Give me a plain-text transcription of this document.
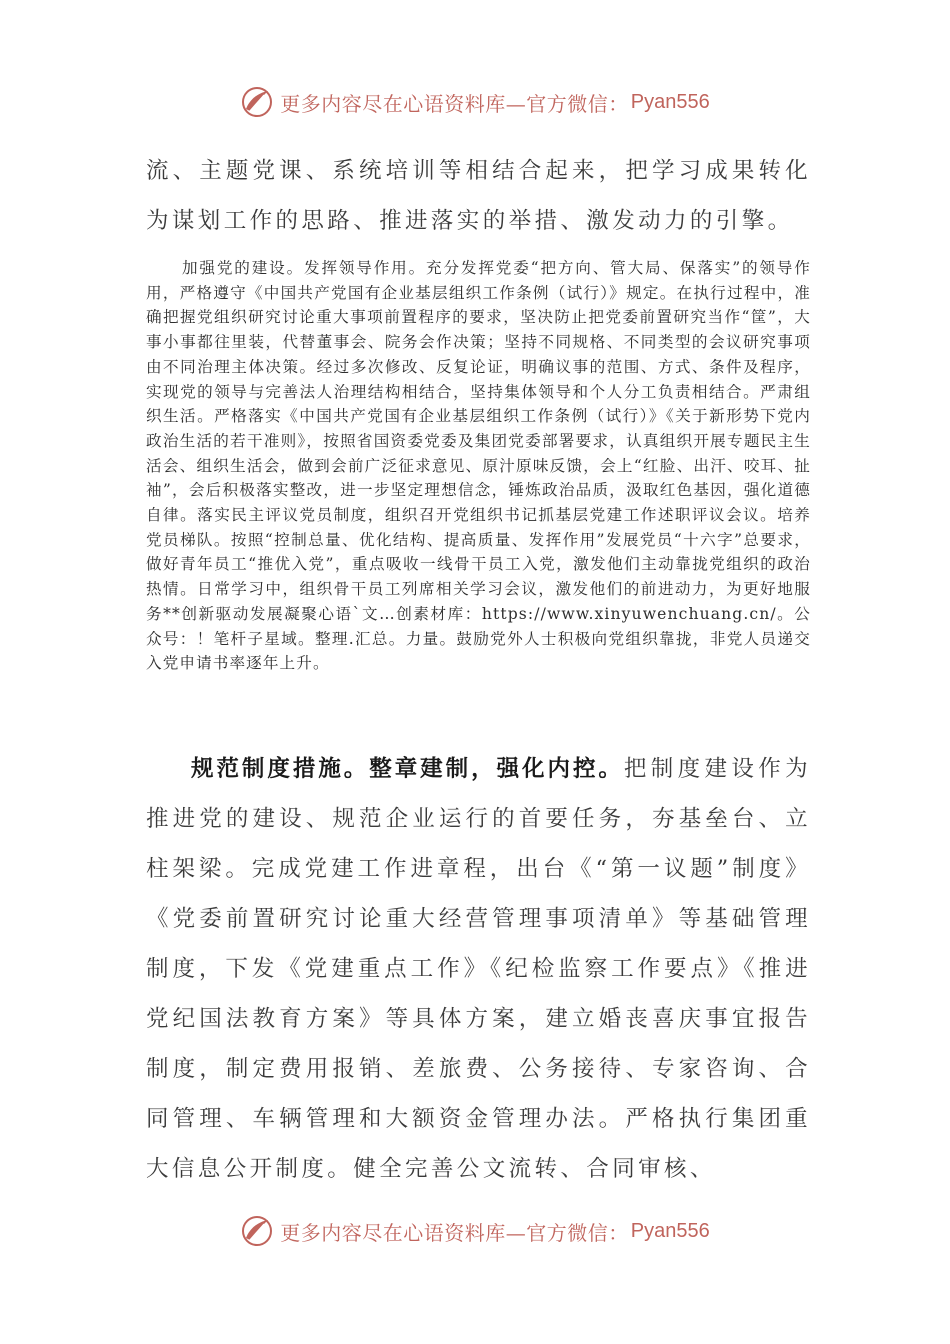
更多内容尽在心语资料库—官方微信： Pyan556

流、主题党课、系统培训等相结合起来，把学习成果转化为谋划工作的思路、推进落实的举措、激发动力的引擎。

加强党的建设。发挥领导作用。充分发挥党委“把方向、管大局、保落实”的领导作用，严格遵守《中国共产党国有企业基层组织工作条例（试行）》规定。在执行过程中，准确把握党组织研究讨论重大事项前置程序的要求，坚决防止把党委前置研究当作“筐”，大事小事都往里装，代替董事会、院务会作决策；坚持不同规格、不同类型的会议研究事项由不同治理主体决策。经过多次修改、反复论证，明确议事的范围、方式、条件及程序，实现党的领导与完善法人治理结构相结合，坚持集体领导和个人分工负责相结合。严肃组织生活。严格落实《中国共产党国有企业基层组织工作条例（试行）》《关于新形势下党内政治生活的若干准则》，按照省国资委党委及集团党委部署要求，认真组织开展专题民主生活会、组织生活会，做到会前广泛征求意见、原汁原味反馈，会上“红脸、出汗、咬耳、扯袖”，会后积极落实整改，进一步坚定理想信念，锤炼政治品质，汲取红色基因，强化道德自律。落实民主评议党员制度，组织召开党组织书记抓基层党建工作述职评议会议。培养党员梯队。按照“控制总量、优化结构、提高质量、发挥作用”发展党员“十六字”总要求，做好青年员工“推优入党”，重点吸收一线骨干员工入党，激发他们主动靠拢党组织的政治热情。日常学习中，组织骨干员工列席相关学习会议，激发他们的前进动力，为更好地服务**创新驱动发展凝聚心语`文…创素材库：https://www.xinyuwenchuang.cn/。公众号：！笔杆子星域。整理.汇总。力量。鼓励党外人士积极向党组织靠拢，非党人员递交入党申请书率逐年上升。

规范制度措施。整章建制，强化内控。把制度建设作为推进党的建设、规范企业运行的首要任务，夯基垒台、立柱架梁。完成党建工作进章程，出台《“第一议题”制度》《党委前置研究讨论重大经营管理事项清单》等基础管理制度，下发《党建重点工作》《纪检监察工作要点》《推进党纪国法教育方案》等具体方案，建立婚丧喜庆事宜报告制度，制定费用报销、差旅费、公务接待、专家咨询、合同管理、车辆管理和大额资金管理办法。严格执行集团重大信息公开制度。健全完善公文流转、合同审核、

更多内容尽在心语资料库—官方微信： Pyan556
